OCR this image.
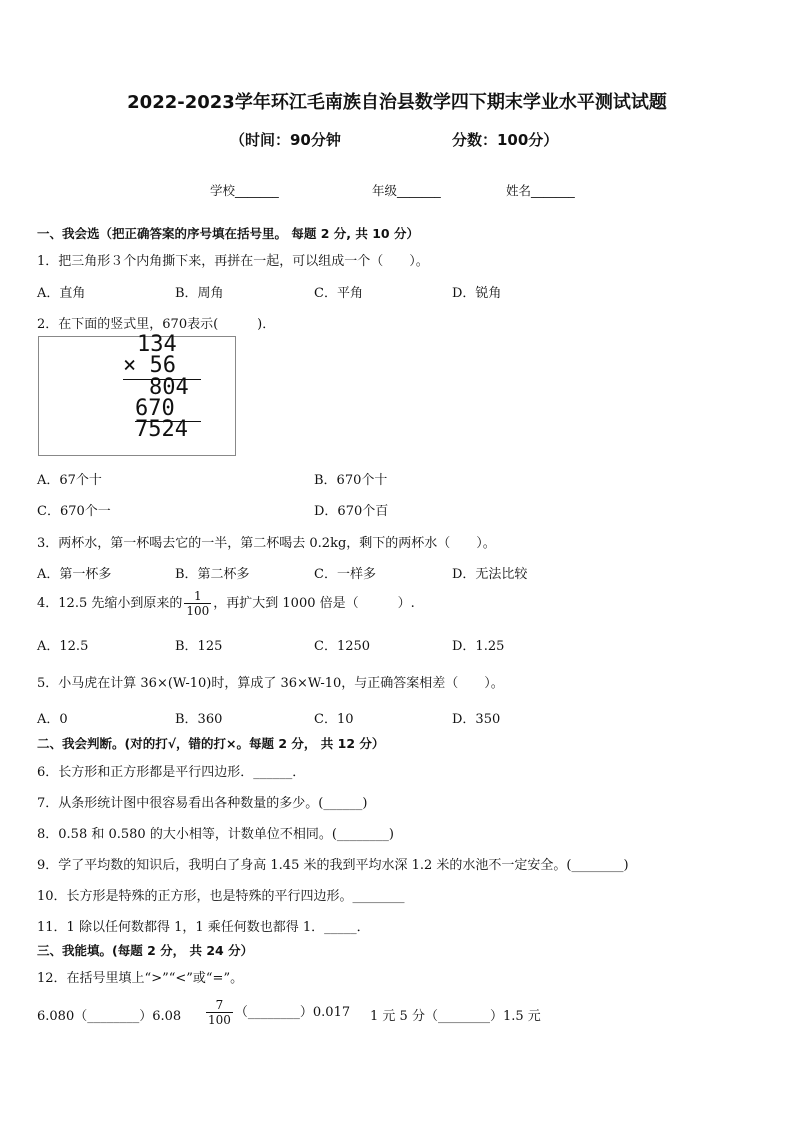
2022-2023学年环江毛南族自治县数学四下期末学业水平测试试题
（时间：90分钟	分数：100分）
学校_______	年级_______	姓名_______
一、我会选（把正确答案的序号填在括号里。 每题 2 分, 共 10 分）
1．把三角形３个内角撕下来，再拼在一起，可以组成一个（　　）。
A．直角	B．周角	C．平角	D．锐角
2．在下面的竖式里，670表示(　　　)．
134
× 56
804
670
7524
A．67个十	B．670个十
C．670个一	D．670个百
3．两杯水，第一杯喝去它的一半，第二杯喝去 0.2kg，剩下的两杯水（　　）。
A．第一杯多	B．第二杯多	C．一样多	D．无法比较
4．12.5 先缩小到原来的 $\frac{1}{100}$ ，再扩大到 1000 倍是（　　　）.
A．12.5	B．125	C．1250	D．1.25
5．小马虎在计算 36×(W-10)时，算成了 36×W-10，与正确答案相差（　　）。
A．0	B．360	C．10	D．350
二、我会判断。(对的打√，错的打×。每题 2 分， 共 12 分）
6．长方形和正方形都是平行四边形．______．
7．从条形统计图中很容易看出各种数量的多少。(______)
8．0.58 和 0.580 的大小相等，计数单位不相同。(________)
9．学了平均数的知识后，我明白了身高 1.45 米的我到平均水深 1.2 米的水池不一定安全。(________)
10．长方形是特殊的正方形，也是特殊的平行四边形。________
11．1 除以任何数都得 1，1 乘任何数也都得 1．_____．
三、我能填。(每题 2 分， 共 24 分）
12．在括号里填上“>”“<”或“=”。
6.080（________）6.08 $\frac{7}{100}$ （________）0.017 1 元 5 分（________）1.5 元
